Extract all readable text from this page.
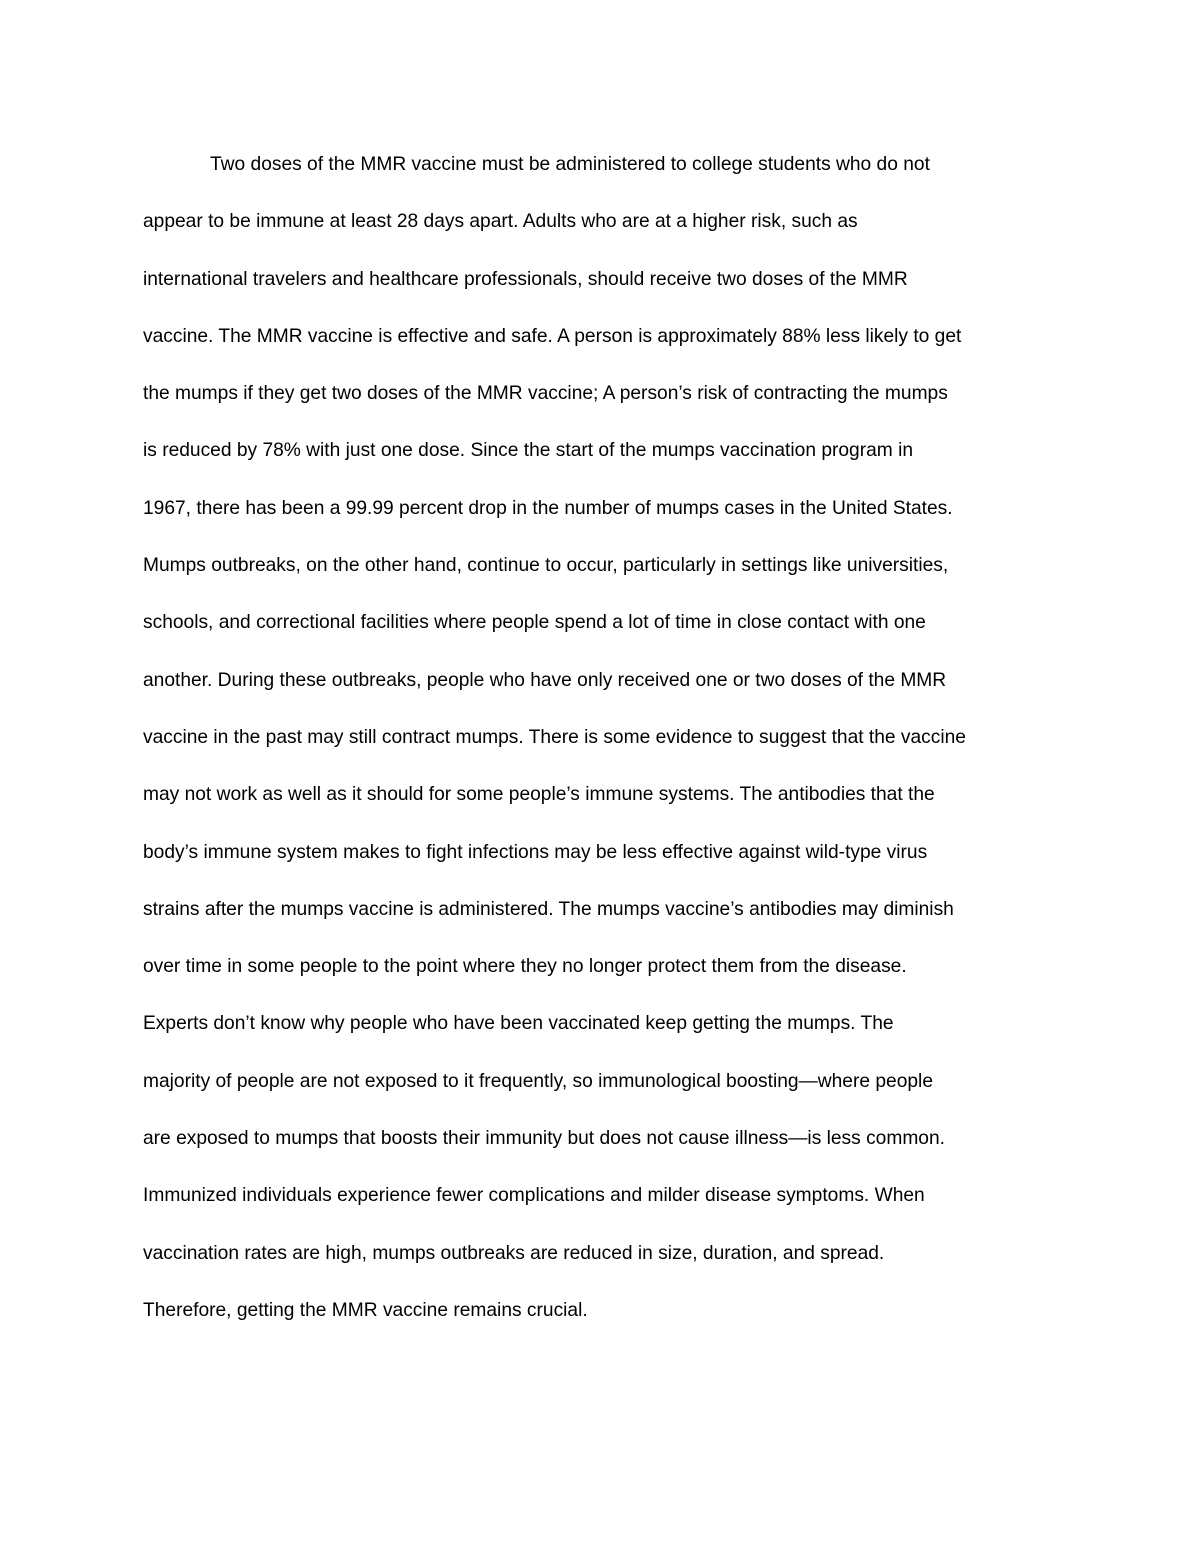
Two doses of the MMR vaccine must be administered to college students who do not
appear to be immune at least 28 days apart. Adults who are at a higher risk, such as
international travelers and healthcare professionals, should receive two doses of the MMR
vaccine. The MMR vaccine is effective and safe. A person is approximately 88% less likely to get
the mumps if they get two doses of the MMR vaccine; A person’s risk of contracting the mumps
is reduced by 78% with just one dose. Since the start of the mumps vaccination program in
1967, there has been a 99.99 percent drop in the number of mumps cases in the United States.
Mumps outbreaks, on the other hand, continue to occur, particularly in settings like universities,
schools, and correctional facilities where people spend a lot of time in close contact with one
another. During these outbreaks, people who have only received one or two doses of the MMR
vaccine in the past may still contract mumps. There is some evidence to suggest that the vaccine
may not work as well as it should for some people’s immune systems. The antibodies that the
body’s immune system makes to fight infections may be less effective against wild-type virus
strains after the mumps vaccine is administered. The mumps vaccine’s antibodies may diminish
over time in some people to the point where they no longer protect them from the disease.
Experts don’t know why people who have been vaccinated keep getting the mumps. The
majority of people are not exposed to it frequently, so immunological boosting—where people
are exposed to mumps that boosts their immunity but does not cause illness—is less common.
Immunized individuals experience fewer complications and milder disease symptoms. When
vaccination rates are high, mumps outbreaks are reduced in size, duration, and spread.
Therefore, getting the MMR vaccine remains crucial.
